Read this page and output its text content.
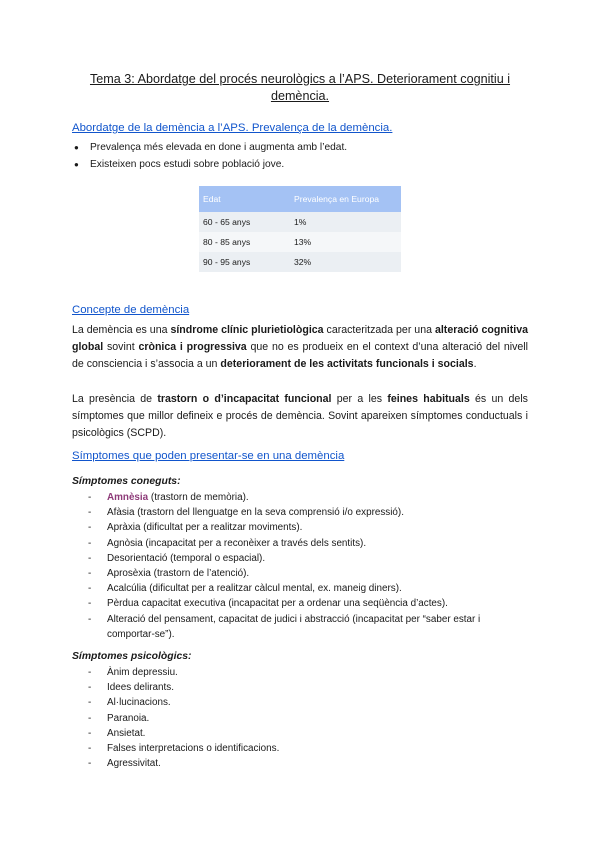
Tema 3: Abordatge del procés neurològics a l’APS. Deteriorament cognitiu i demència.
Abordatge de la demència a l’APS. Prevalença de la demència.
● Prevalença més elevada en done i augmenta amb l’edat.
● Existeixen pocs estudi sobre població jove.
Edat	Prevalença en Europa
60 - 65 anys	1%
80 - 85 anys	13%
90 - 95 anys	32%
Concepte de demència

La demència es una síndrome clínic plurietiològica caracteritzada per una alteració cognitiva global sovint crònica i progressiva que no es produeix en el context d’una alteració del nivell de consciencia i s’associa a un deteriorament de les activitats funcionals i socials.

La presència de trastorn o d’incapacitat funcional per a les feines habituals és un dels símptomes que millor defineix e procés de demència. Sovint apareixen símptomes conductuals i psicològics (SCPD).

Símptomes que poden presentar-se en una demència
Símptomes coneguts:
- Amnèsia (trastorn de memòria).
- Afàsia (trastorn del llenguatge en la seva comprensió i/o expressió).
- Apràxia (dificultat per a realitzar moviments).
- Agnòsia (incapacitat per a reconèixer a través dels sentits).
- Desorientació (temporal o espacial).
- Aprosèxia (trastorn de l’atenció).
- Acalcúlia (dificultat per a realitzar càlcul mental, ex. maneig diners).
- Pèrdua capacitat executiva (incapacitat per a ordenar una seqüència d’actes).
- Alteració del pensament, capacitat de judici i abstracció (incapacitat per “saber estar i comportar-se”).
Símptomes psicològics:
- Ànim depressiu.
- Idees delirants.
- Al·lucinacions.
- Paranoia.
- Ansietat.
- Falses interpretacions o identificacions.
- Agressivitat.
